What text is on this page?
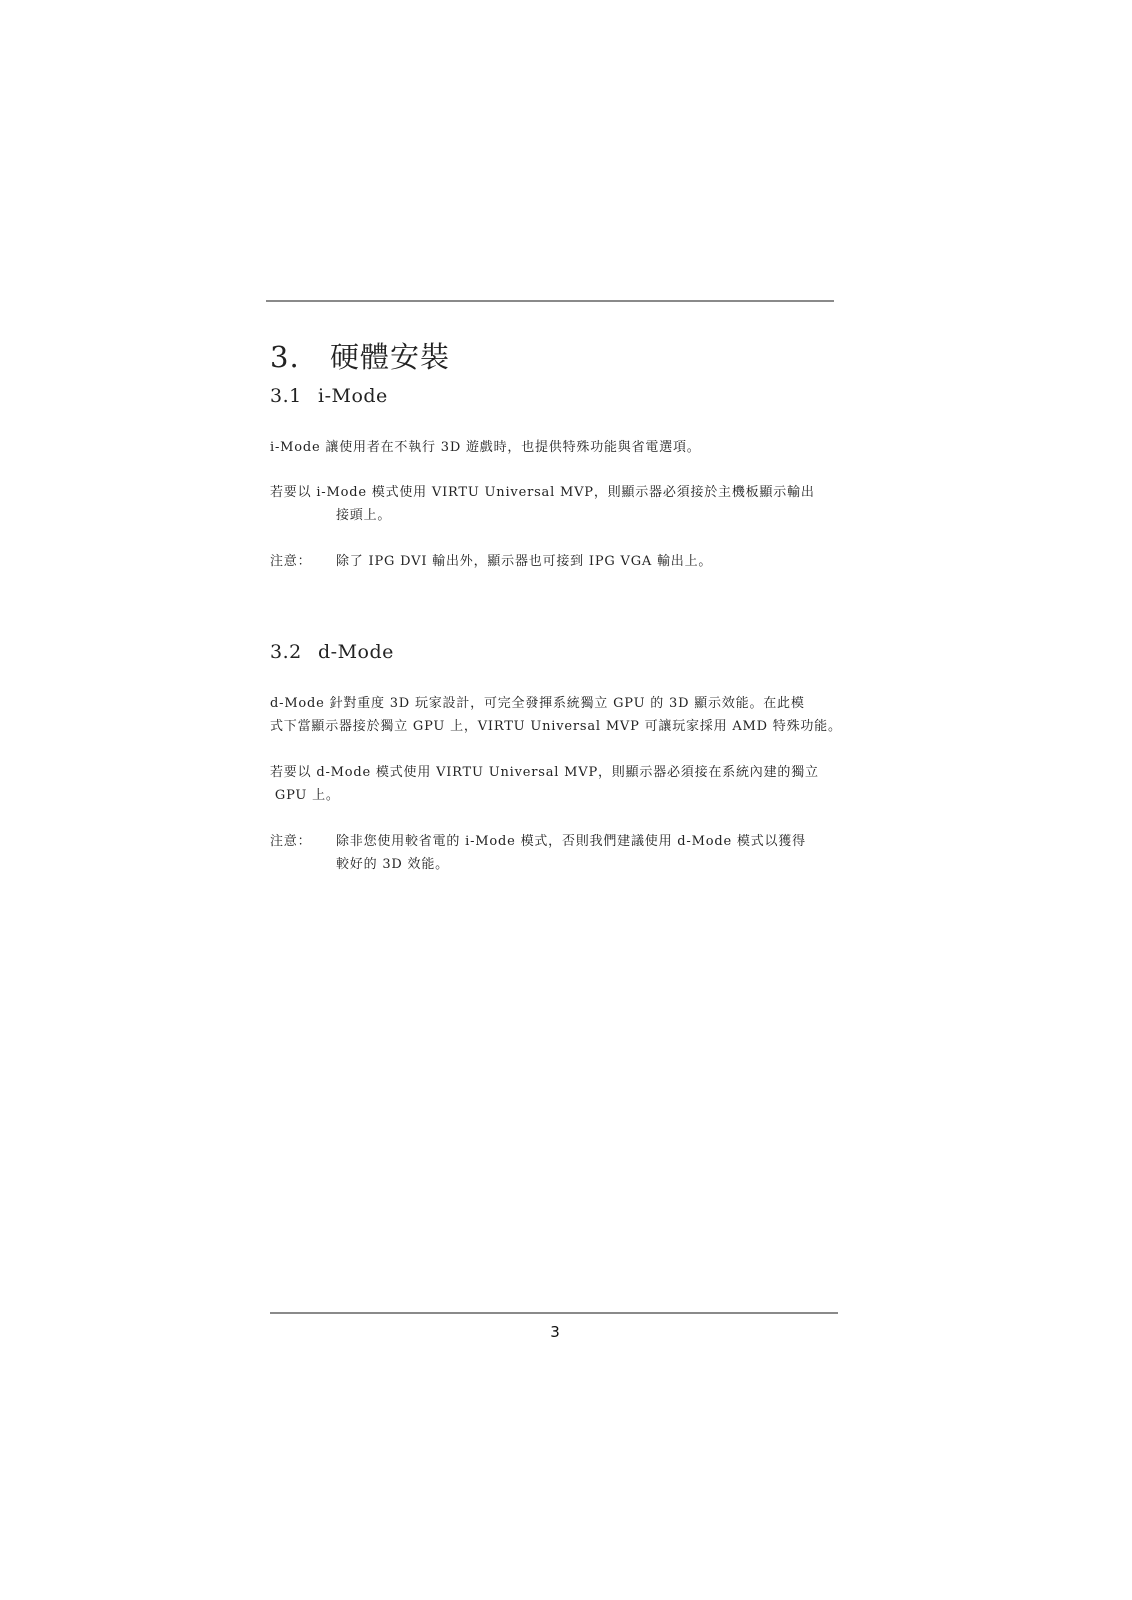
3. 硬體安裝
3.1 i-Mode
i-Mode 讓使用者在不執行 3D 遊戲時，也提供特殊功能與省電選項。
若要以 i-Mode 模式使用 VIRTU Universal MVP，則顯示器必須接於主機板顯示輸出
接頭上。
注意： 除了 IPG DVI 輸出外，顯示器也可接到 IPG VGA 輸出上。
3.2 d-Mode
d-Mode 針對重度 3D 玩家設計，可完全發揮系統獨立 GPU 的 3D 顯示效能。在此模
式下當顯示器接於獨立 GPU 上，VIRTU Universal MVP 可讓玩家採用 AMD 特殊功能。
若要以 d-Mode 模式使用 VIRTU Universal MVP，則顯示器必須接在系統內建的獨立
GPU 上。
注意： 除非您使用較省電的 i-Mode 模式，否則我們建議使用 d-Mode 模式以獲得
較好的 3D 效能。
3
